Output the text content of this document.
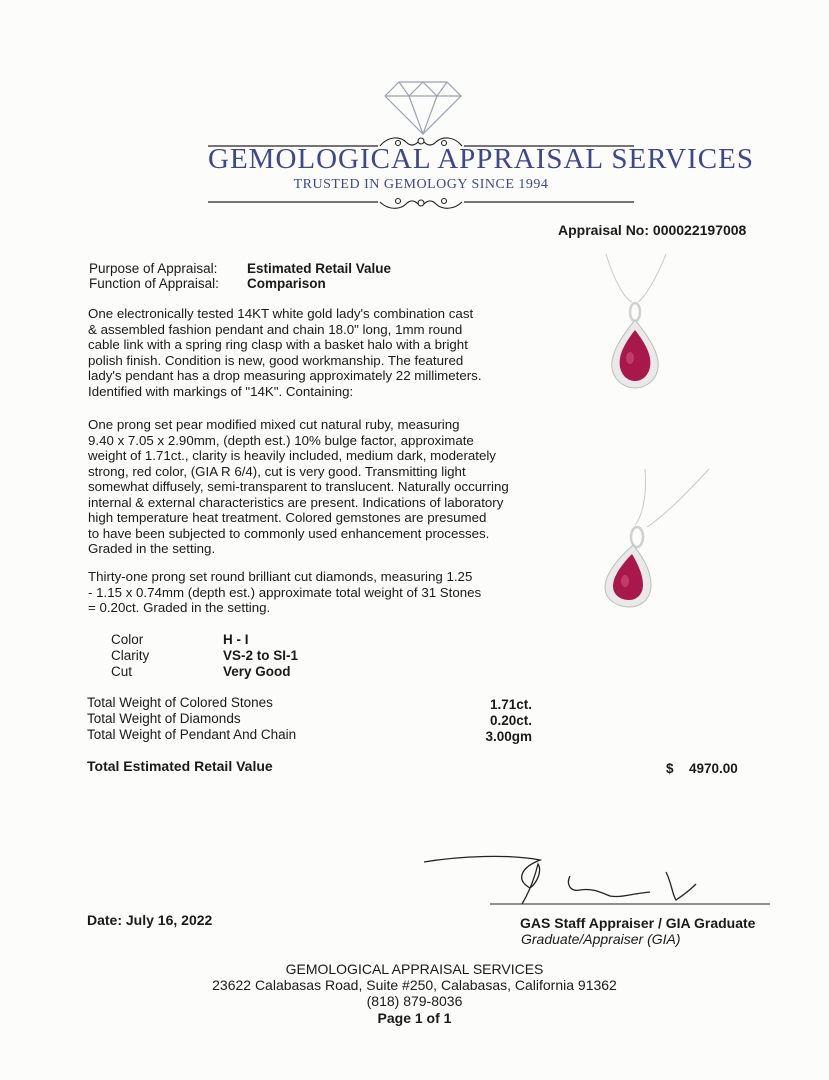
GEMOLOGICAL APPRAISAL SERVICES
TRUSTED IN GEMOLOGY SINCE 1994
Appraisal No: 000022197008
Purpose of Appraisal: Estimated Retail Value
Function of Appraisal: Comparison
One electronically tested 14KT white gold lady's combination cast
& assembled fashion pendant and chain 18.0" long, 1mm round
cable link with a spring ring clasp with a basket halo with a bright
polish finish. Condition is new, good workmanship. The featured
lady's pendant has a drop measuring approximately 22 millimeters.
Identified with markings of "14K". Containing:
One prong set pear modified mixed cut natural ruby, measuring
9.40 x 7.05 x 2.90mm, (depth est.) 10% bulge factor, approximate
weight of 1.71ct., clarity is heavily included, medium dark, moderately
strong, red color, (GIA R 6/4), cut is very good. Transmitting light
somewhat diffusely, semi-transparent to translucent. Naturally occurring
internal & external characteristics are present. Indications of laboratory
high temperature heat treatment. Colored gemstones are presumed
to have been subjected to commonly used enhancement processes.
Graded in the setting.
Thirty-one prong set round brilliant cut diamonds, measuring 1.25
- 1.15 x 0.74mm (depth est.) approximate total weight of 31 Stones
= 0.20ct. Graded in the setting.
Color	H - I
Clarity	VS-2 to SI-1
Cut	Very Good
Total Weight of Colored Stones	1.71ct.
Total Weight of Diamonds	0.20ct.
Total Weight of Pendant And Chain	3.00gm
Total Estimated Retail Value	$ 4970.00
Date: July 16, 2022	GAS Staff Appraiser / GIA Graduate
Graduate/Appraiser (GIA)
GEMOLOGICAL APPRAISAL SERVICES
23622 Calabasas Road, Suite #250, Calabasas, California 91362
(818) 879-8036
Page 1 of 1
